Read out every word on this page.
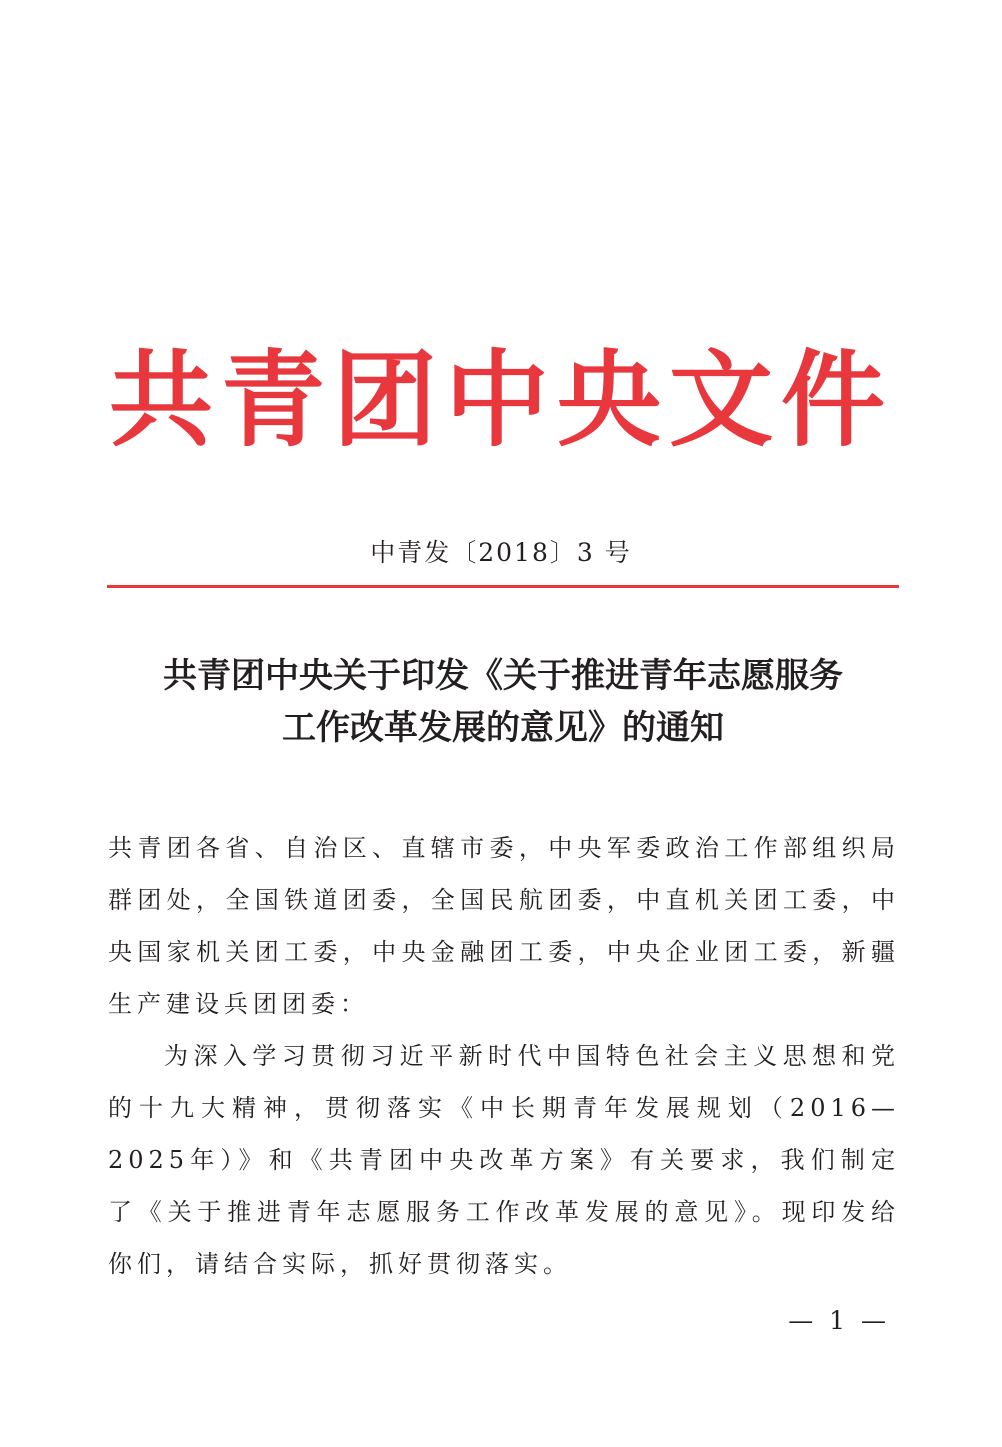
共青团中央文件
中青发〔2018〕3 号
共青团中央关于印发《关于推进青年志愿服务
工作改革发展的意见》的通知
共青团各省、自治区、直辖市委，中央军委政治工作部组织局群团处，全国铁道团委，全国民航团委，中直机关团工委，中央国家机关团工委，中央金融团工委，中央企业团工委，新疆生产建设兵团团委：
为深入学习贯彻习近平新时代中国特色社会主义思想和党的十九大精神，贯彻落实《中长期青年发展规划（2016—2025年）》和《共青团中央改革方案》有关要求，我们制定了《关于推进青年志愿服务工作改革发展的意见》。现印发给你们，请结合实际，抓好贯彻落实。
— 1 —
